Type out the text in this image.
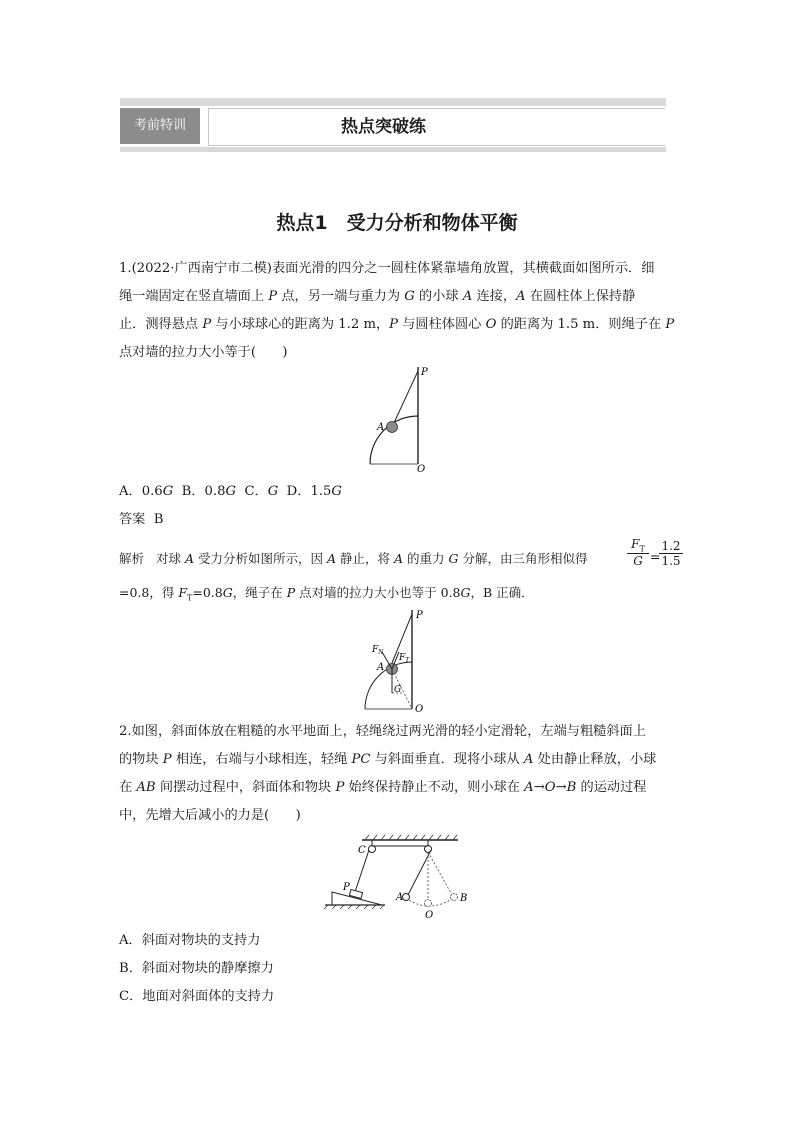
考前特训	热点突破练
热点1　受力分析和物体平衡
1.(2022·广西南宁市二模)表面光滑的四分之一圆柱体紧靠墙角放置，其横截面如图所示．细
绳一端固定在竖直墙面上 P 点，另一端与重力为 G 的小球 A 连接，A 在圆柱体上保持静
止．测得悬点 P 与小球球心的距离为 1.2 m，P 与圆柱体圆心 O 的距离为 1.5 m．则绳子在 P
点对墙的拉力大小等于(　　)
P
A
O
A．0.6G B．0.8G C．G D．1.5G
答案 B
解析 对球 A 受力分析如图所示，因 A 静止，将 A 的重力 G 分解，由三角形相似得
$F_T$
G =
1.2
1.5
=0.8，得 $F_T=0.8G$，绳子在 P 点对墙的拉力大小也等于 0.8G，B 正确．
P
$F_N$
$F_T$
A
G
O
2.如图，斜面体放在粗糙的水平地面上，轻绳绕过两光滑的轻小定滑轮，左端与粗糙斜面上
的物块 P 相连，右端与小球相连，轻绳 PC 与斜面垂直．现将小球从 A 处由静止释放，小球
在 AB 间摆动过程中，斜面体和物块 P 始终保持静止不动，则小球在 A→O→B 的运动过程
中，先增大后减小的力是(　　)
C
P
A
O
B
A．斜面对物块的支持力
B．斜面对物块的静摩擦力
C．地面对斜面体的支持力
